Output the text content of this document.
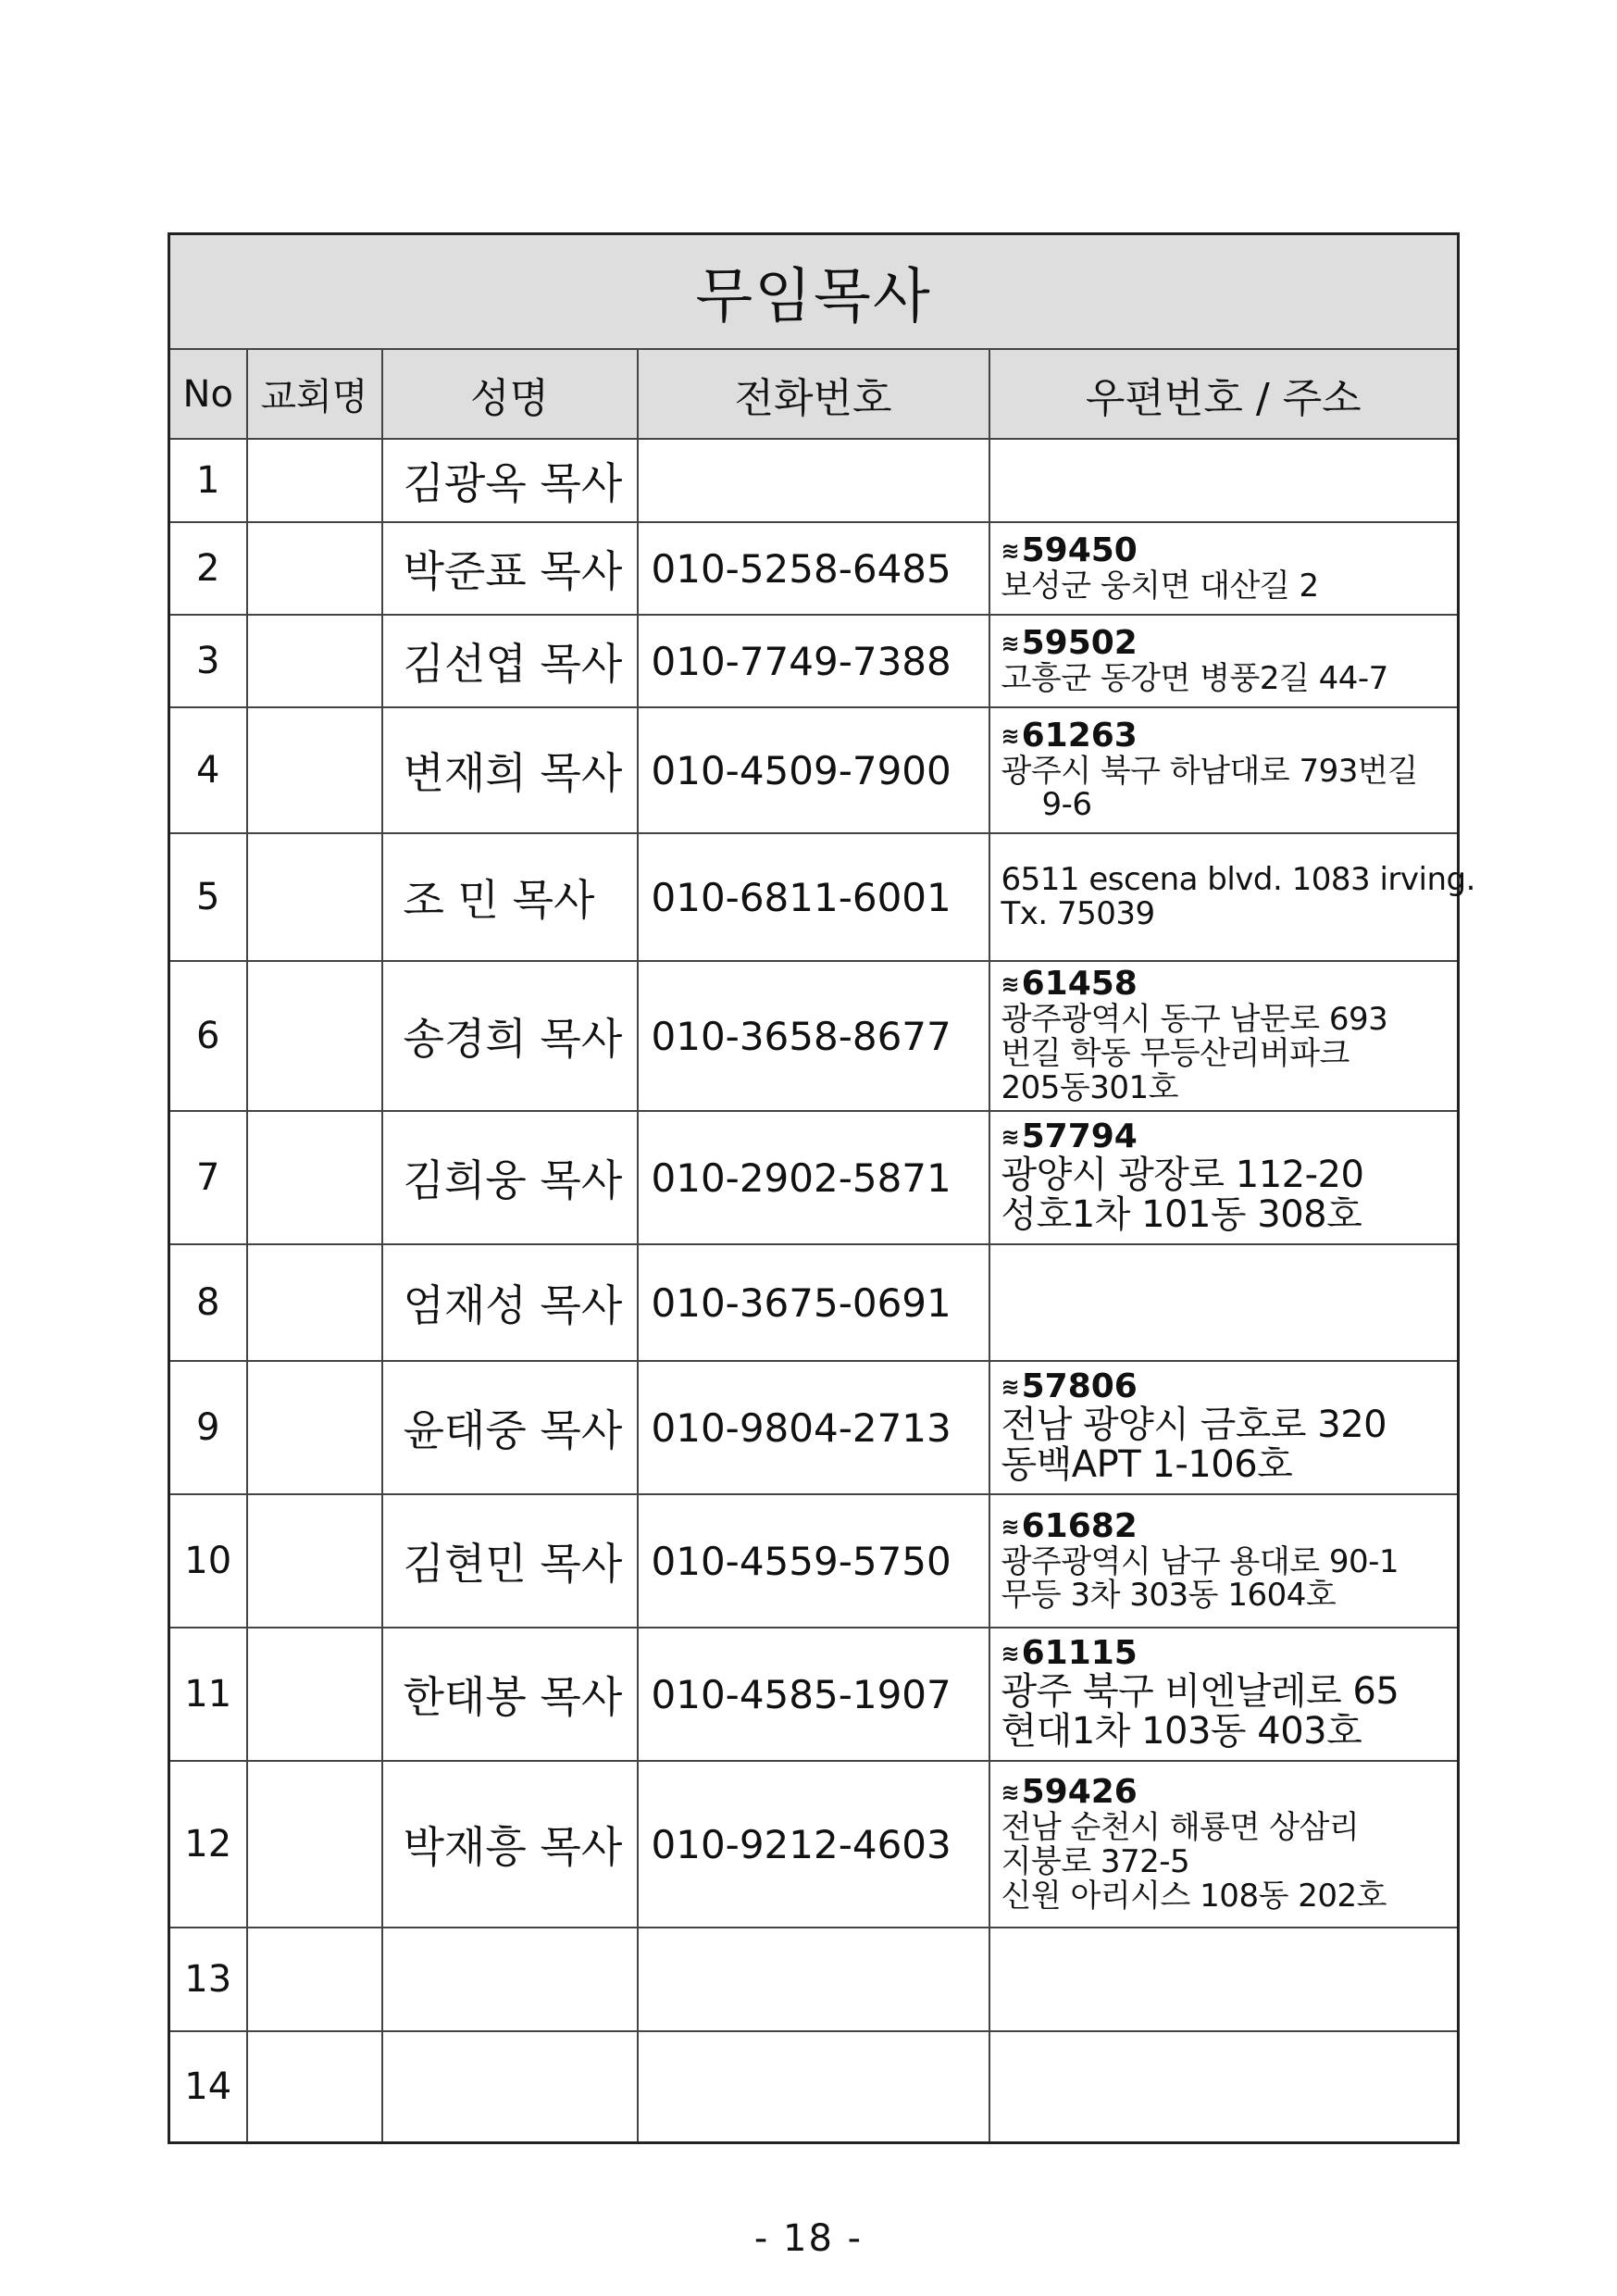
무임목사				
No	교회명	성명	전화번호	우편번호 / 주소
1		김광옥 목사		
2		박준표 목사	010-5258-6485	≋59450
보성군 웅치면 대산길 2

3		김선엽 목사	010-7749-7388	≋59502
고흥군 동강면 병풍2길 44-7

4		변재희 목사	010-4509-7900	≋61263
광주시 북구 하남대로 793번길
9-6

5		조 민 목사	010-6811-6001	6511 escena blvd. 1083 irving.
Tx. 75039

6		송경희 목사	010-3658-8677	≋61458
광주광역시 동구 남문로 693
번길 학동 무등산리버파크
205동301호

7		김희웅 목사	010-2902-5871	≋57794
광양시 광장로 112-20
성호1차 101동 308호

8		엄재성 목사	010-3675-0691	
9		윤태중 목사	010-9804-2713	≋57806
전남 광양시 금호로 320
동백APT 1-106호

10		김현민 목사	010-4559-5750	≋61682
광주광역시 남구 용대로 90-1
무등 3차 303동 1604호

11		한태봉 목사	010-4585-1907	≋61115
광주 북구 비엔날레로 65
현대1차 103동 403호

12		박재흥 목사	010-9212-4603	≋59426
전남 순천시 해룡면 상삼리
지붕로 372-5
신원 아리시스 108동 202호

13				
14				
- 18 -
